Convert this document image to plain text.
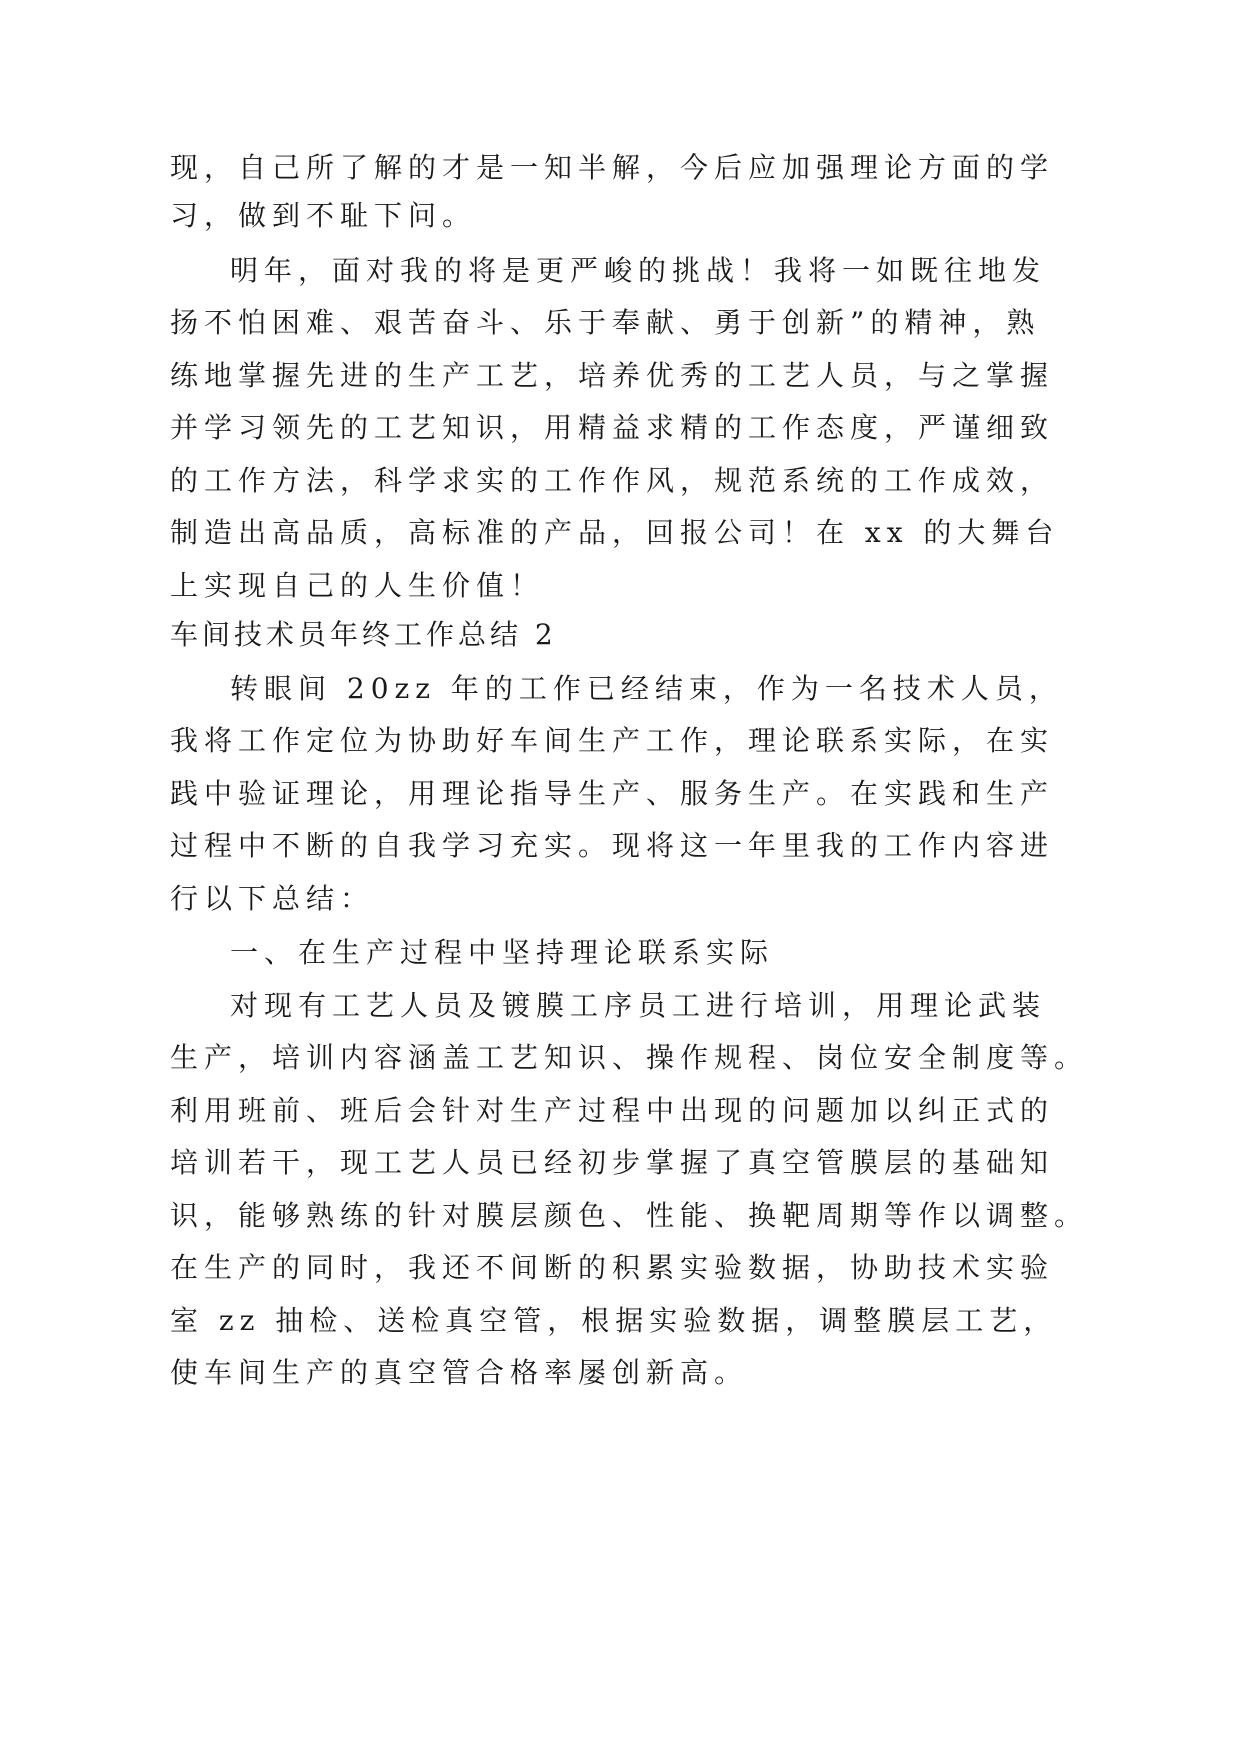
现，自己所了解的才是一知半解，今后应加强理论方面的学
习，做到不耻下问。
明年，面对我的将是更严峻的挑战！我将一如既往地发
扬不怕困难、艰苦奋斗、乐于奉献、勇于创新”的精神，熟
练地掌握先进的生产工艺，培养优秀的工艺人员，与之掌握
并学习领先的工艺知识，用精益求精的工作态度，严谨细致
的工作方法，科学求实的工作作风，规范系统的工作成效，
制造出高品质，高标准的产品，回报公司！在 xx 的大舞台
上实现自己的人生价值！
车间技术员年终工作总结 2
转眼间 20zz 年的工作已经结束，作为一名技术人员，
我将工作定位为协助好车间生产工作，理论联系实际，在实
践中验证理论，用理论指导生产、服务生产。在实践和生产
过程中不断的自我学习充实。现将这一年里我的工作内容进
行以下总结：
一、在生产过程中坚持理论联系实际
对现有工艺人员及镀膜工序员工进行培训，用理论武装
生产，培训内容涵盖工艺知识、操作规程、岗位安全制度等。
利用班前、班后会针对生产过程中出现的问题加以纠正式的
培训若干，现工艺人员已经初步掌握了真空管膜层的基础知
识，能够熟练的针对膜层颜色、性能、换靶周期等作以调整。
在生产的同时，我还不间断的积累实验数据，协助技术实验
室 zz 抽检、送检真空管，根据实验数据，调整膜层工艺，
使车间生产的真空管合格率屡创新高。
